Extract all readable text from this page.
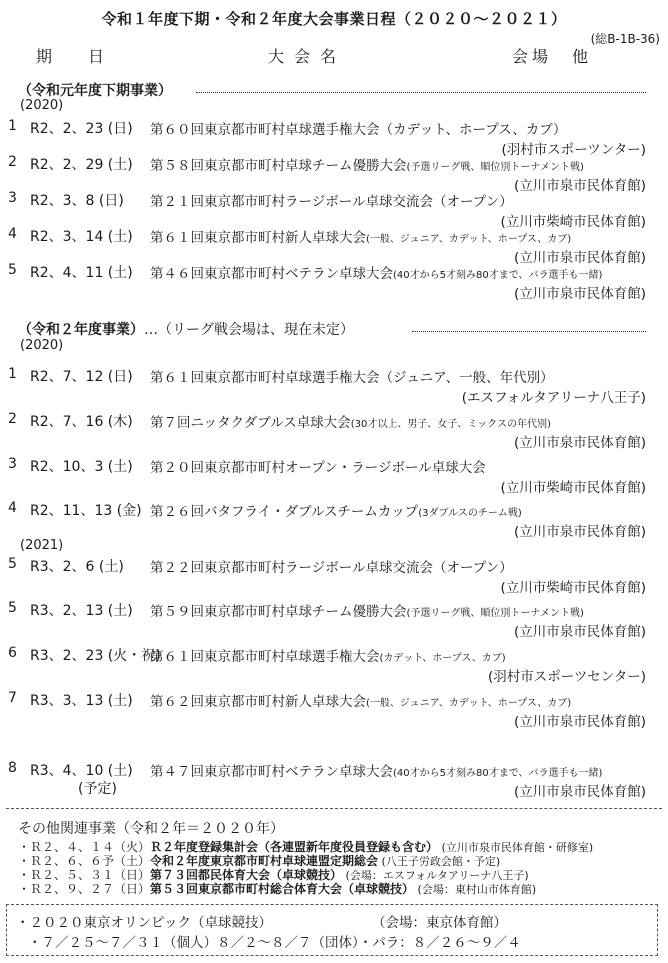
令和１年度下期・令和２年度大会事業日程（２０２０～２０２１）
(総B-1B-36)
期　日	大会名	会場　他
（令和元年度下期事業）
(2020)
1 R2、2、23 (日) 第６０回東京都市町村卓球選手権大会（カデット、ホープス、カブ）
(羽村市スポーツンター)
2 R2、2、29 (土) 第５８回東京都市町村卓球チーム優勝大会(予選リーグ戦、順位別トーナメント戦)
(立川市泉市民体育館)
3 R2、3、8 (日) 第２１回東京都市町村ラージボール卓球交流会（オープン）
(立川市柴崎市民体育館)
4 R2、3、14 (土) 第６１回東京都市町村新人卓球大会(一般、ジュニア、カデット、ホープス、カブ)
(立川市泉市民体育館)
5 R2、4、11 (土) 第４６回東京都市町村ベテラン卓球大会(40才から5才刻み80才まで、バラ選手も一緒)
(立川市泉市民体育館)
（令和２年度事業）…（リーグ戦会場は、現在未定）
(2020)
(2021)
1 R2、7、12 (日) 第６１回東京都市町村卓球選手権大会（ジュニア、一般、年代別）
(エスフォルタアリーナ八王子)
2 R2、7、16 (木) 第７回ニッタクダブルス卓球大会(30才以上、男子、女子、ミックスの年代別)
(立川市泉市民体育館)
3 R2、10、3 (土) 第２０回東京都市町村オープン・ラージボール卓球大会
(立川市柴崎市民体育館)
4 R2、11、13 (金) 第２６回バタフライ・ダブルスチームカップ(3ダブルスのチーム戦)
(立川市泉市民体育館)
5 R3、2、6 (土) 第２２回東京都市町村ラージボール卓球交流会（オープン）
(立川市柴崎市民体育館)
5 R3、2、13 (土) 第５９回東京都市町村卓球チーム優勝大会(予選リーグ戦、順位別トーナメント戦)
(立川市泉市民体育館)
6 R3、2、23 (火・祝)
第６１回東京都市町村卓球選手権大会(カデット、ホープス、カブ)
(羽村市スポーツセンター)
7 R3、3、13 (土) 第６２回東京都市町村新人卓球大会(一般、ジュニア、カデット、ホープス、カブ)
(立川市泉市民体育館)
8 R3、4、10 (土) 第４７回東京都市町村ベテラン卓球大会(40才から5才刻み80才まで、バラ選手も一緒)
(立川市泉市民体育館)
(予定)
その他関連事業（令和２年＝２０２０年）
・Ｒ２、４、１４（火）Ｒ２年度登録集計会（各連盟新年度役員登録も含む） (立川市泉市民体育館・研修室)
・Ｒ２、６、６予（土）令和２年度東京都市町村卓球連盟定期総会 (八王子労政会館・予定)
・Ｒ２、５、３１（日）第７３回都民体育大会（卓球競技） (会場：エスフォルタアリーナ八王子)
・Ｒ２、９、２７（日）第５３回東京都市町村総合体育大会（卓球競技） (会場：東村山市体育館)
・２０２０東京オリンピック（卓球競技）	（会場：東京体育館）
・７／２５～７／３１（個人）８／２～８／７（団体）・パラ：８／２６～９／４
